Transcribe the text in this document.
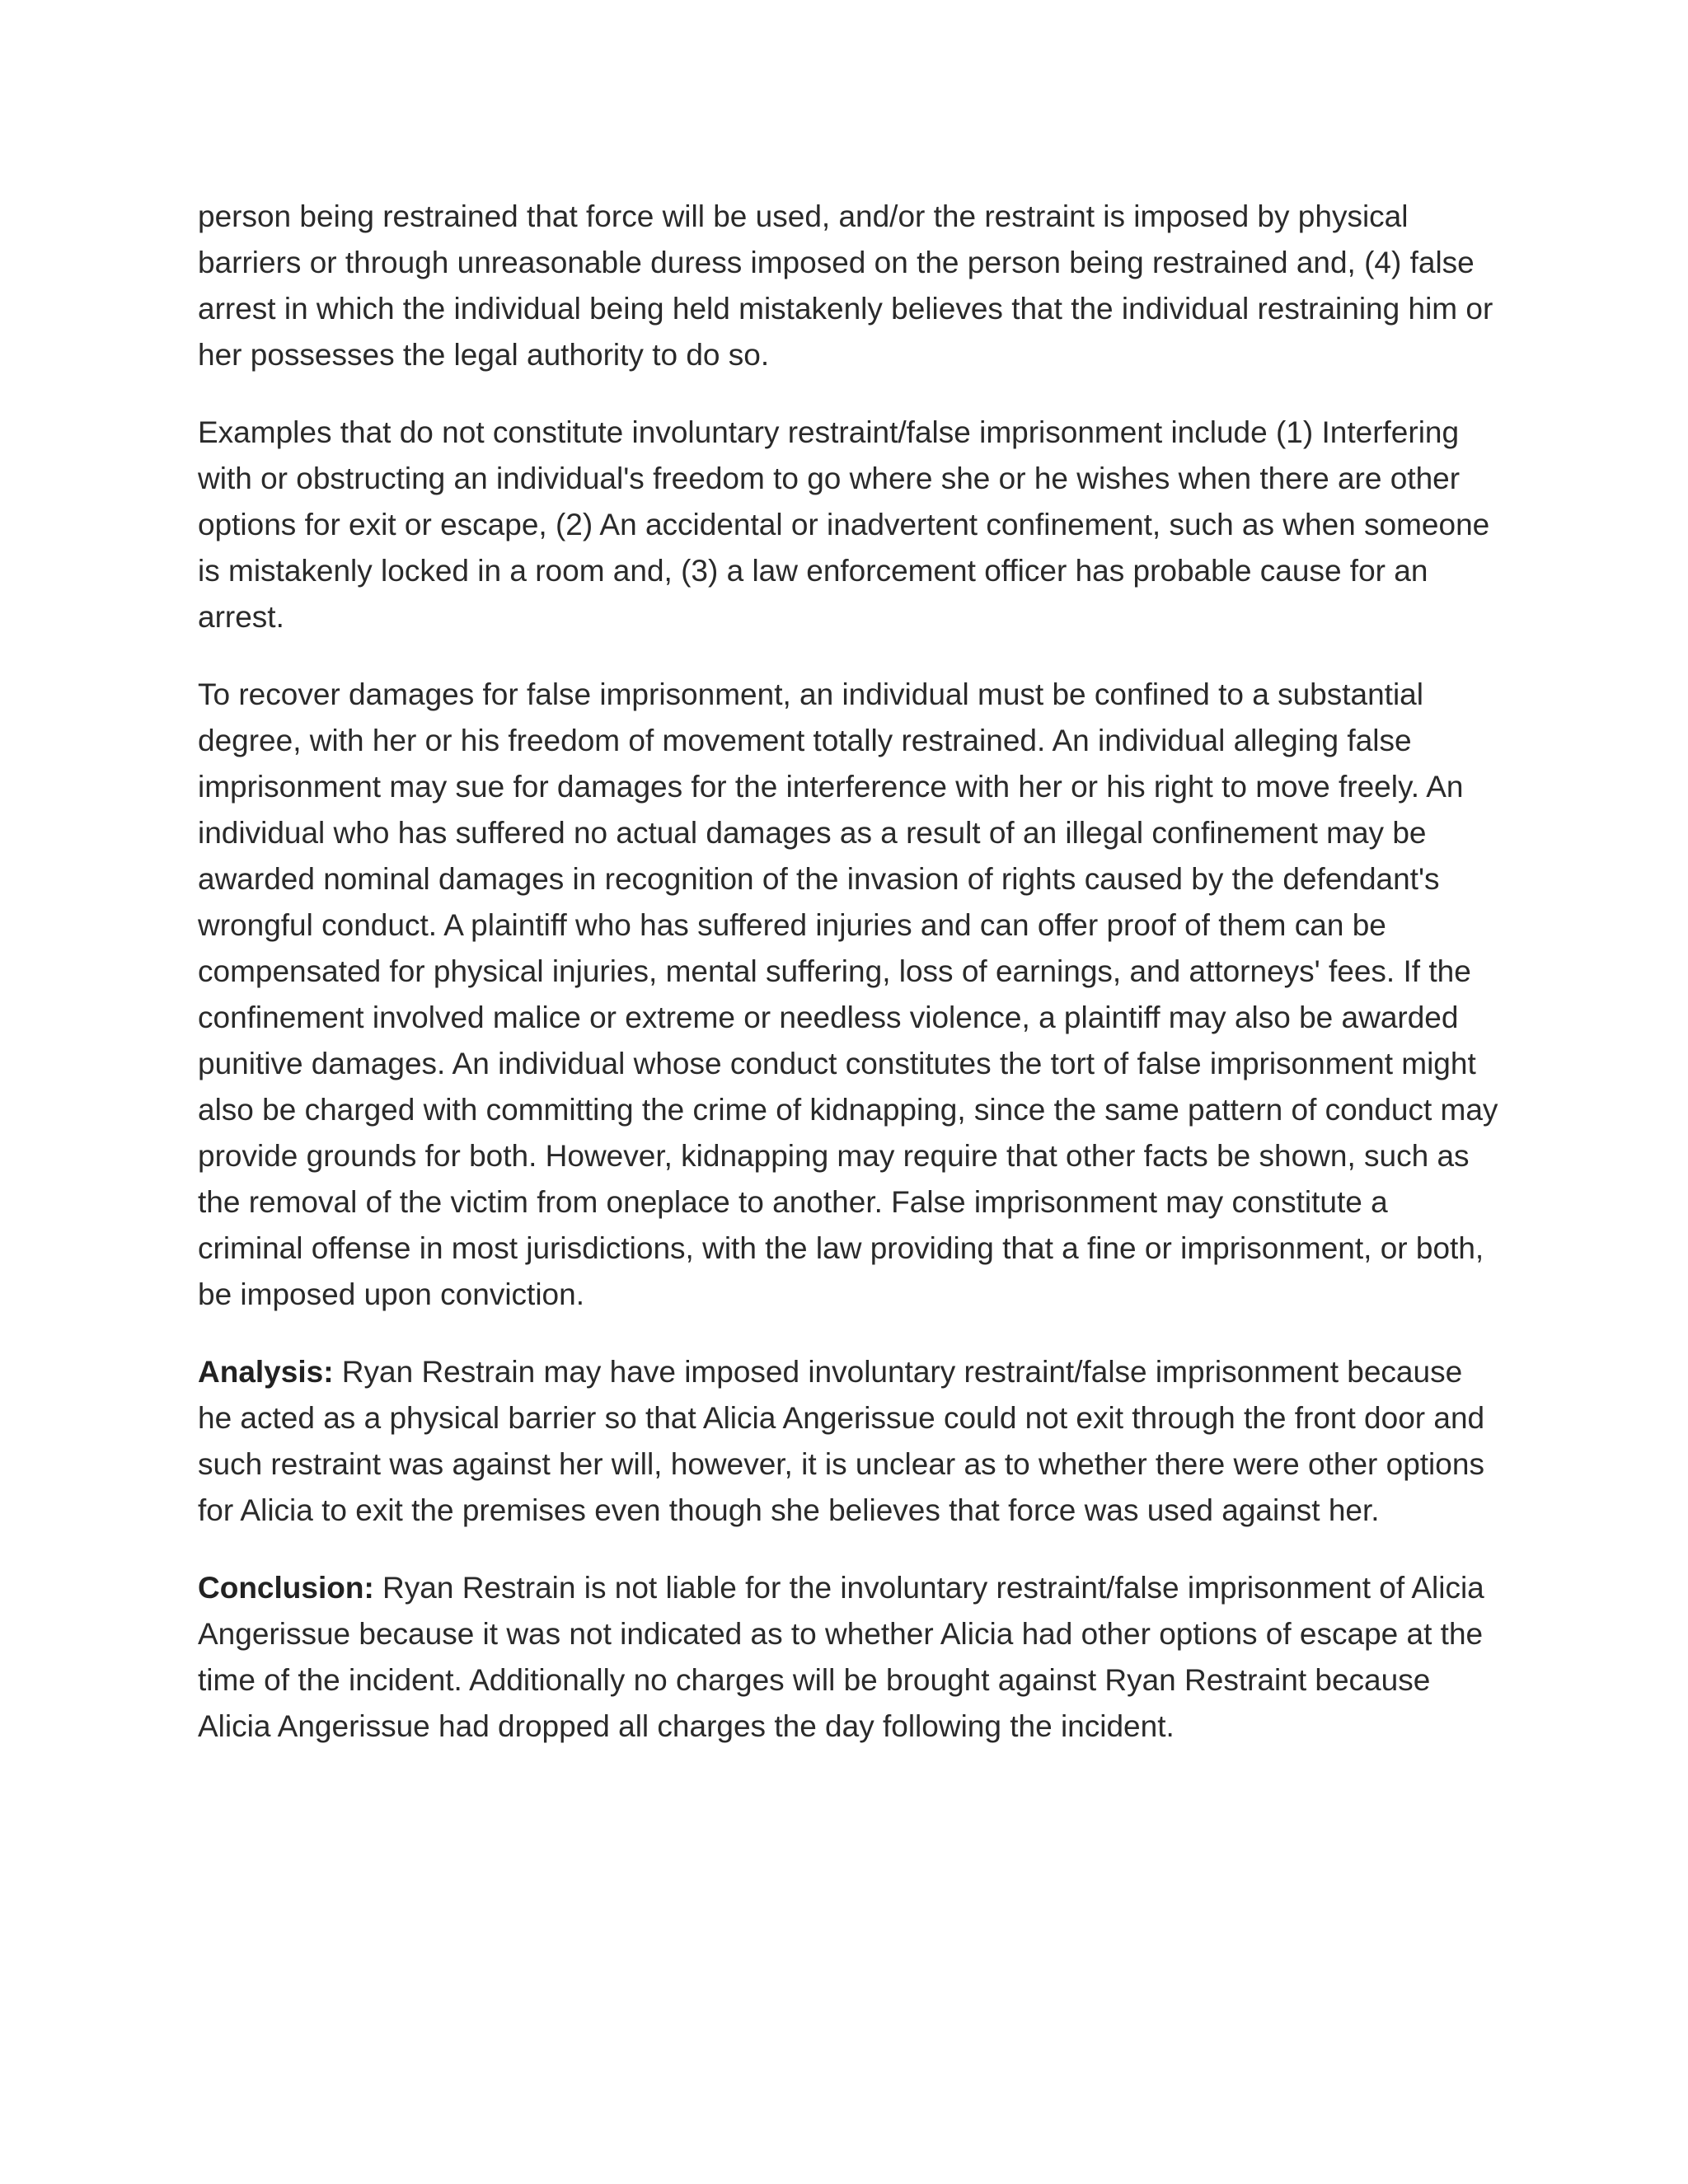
person being restrained that force will be used, and/or the restraint is imposed by physical barriers or through unreasonable duress imposed on the person being restrained and, (4) false arrest in which the individual being held mistakenly believes that the individual restraining him or her possesses the legal authority to do so.

Examples that do not constitute involuntary restraint/false imprisonment include (1) Interfering with or obstructing an individual's freedom to go where she or he wishes when there are other options for exit or escape, (2) An accidental or inadvertent confinement, such as when someone is mistakenly locked in a room and, (3) a law enforcement officer has probable cause for an arrest.

To recover damages for false imprisonment, an individual must be confined to a substantial degree, with her or his freedom of movement totally restrained. An individual alleging false imprisonment may sue for damages for the interference with her or his right to move freely. An individual who has suffered no actual damages as a result of an illegal confinement may be awarded nominal damages in recognition of the invasion of rights caused by the defendant's wrongful conduct. A plaintiff who has suffered injuries and can offer proof of them can be compensated for physical injuries, mental suffering, loss of earnings, and attorneys' fees. If the confinement involved malice or extreme or needless violence, a plaintiff may also be awarded punitive damages. An individual whose conduct constitutes the tort of false imprisonment might also be charged with committing the crime of kidnapping, since the same pattern of conduct may provide grounds for both. However, kidnapping may require that other facts be shown, such as the removal of the victim from oneplace to another. False imprisonment may constitute a criminal offense in most jurisdictions, with the law providing that a fine or imprisonment, or both, be imposed upon conviction.

Analysis: Ryan Restrain may have imposed involuntary restraint/false imprisonment because he acted as a physical barrier so that Alicia Angerissue could not exit through the front door and such restraint was against her will, however, it is unclear as to whether there were other options for Alicia to exit the premises even though she believes that force was used against her.

Conclusion: Ryan Restrain is not liable for the involuntary restraint/false imprisonment of Alicia Angerissue because it was not indicated as to whether Alicia had other options of escape at the time of the incident. Additionally no charges will be brought against Ryan Restraint because Alicia Angerissue had dropped all charges the day following the incident.
